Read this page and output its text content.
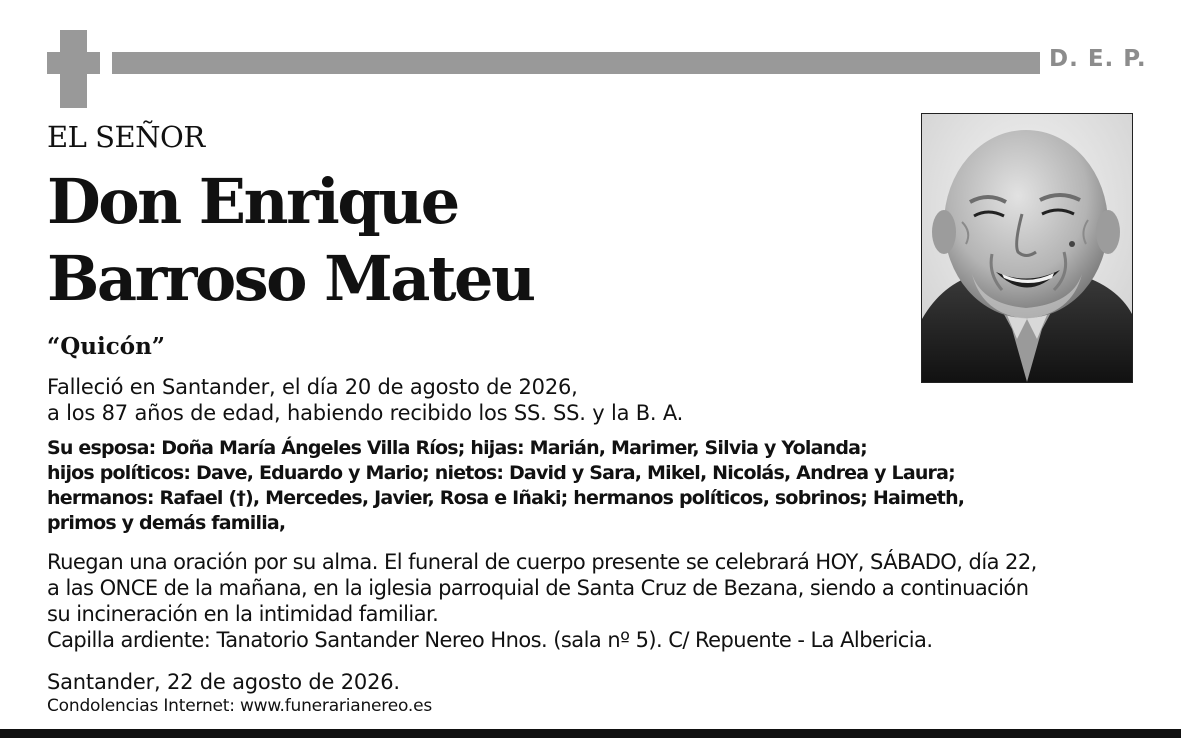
D. E. P.
EL SEÑOR
Don Enrique
Barroso Mateu
“Quicón”

Falleció en Santander, el día 20 de agosto de 2026,
a los 87 años de edad, habiendo recibido los SS. SS. y la B. A.

Su esposa: Doña María Ángeles Villa Ríos; hijas: Marián, Marimer, Silvia y Yolanda;
hijos políticos: Dave, Eduardo y Mario; nietos: David y Sara, Mikel, Nicolás, Andrea y Laura;
hermanos: Rafael (†), Mercedes, Javier, Rosa e Iñaki; hermanos políticos, sobrinos; Haimeth,
primos y demás familia,

Ruegan una oración por su alma. El funeral de cuerpo presente se celebrará HOY, SÁBADO, día 22,
a las ONCE de la mañana, en la iglesia parroquial de Santa Cruz de Bezana, siendo a continuación
su incineración en la intimidad familiar.
Capilla ardiente: Tanatorio Santander Nereo Hnos. (sala nº 5). C/ Repuente - La Albericia.

Santander, 22 de agosto de 2026.

Condolencias Internet: www.funerarianereo.es
